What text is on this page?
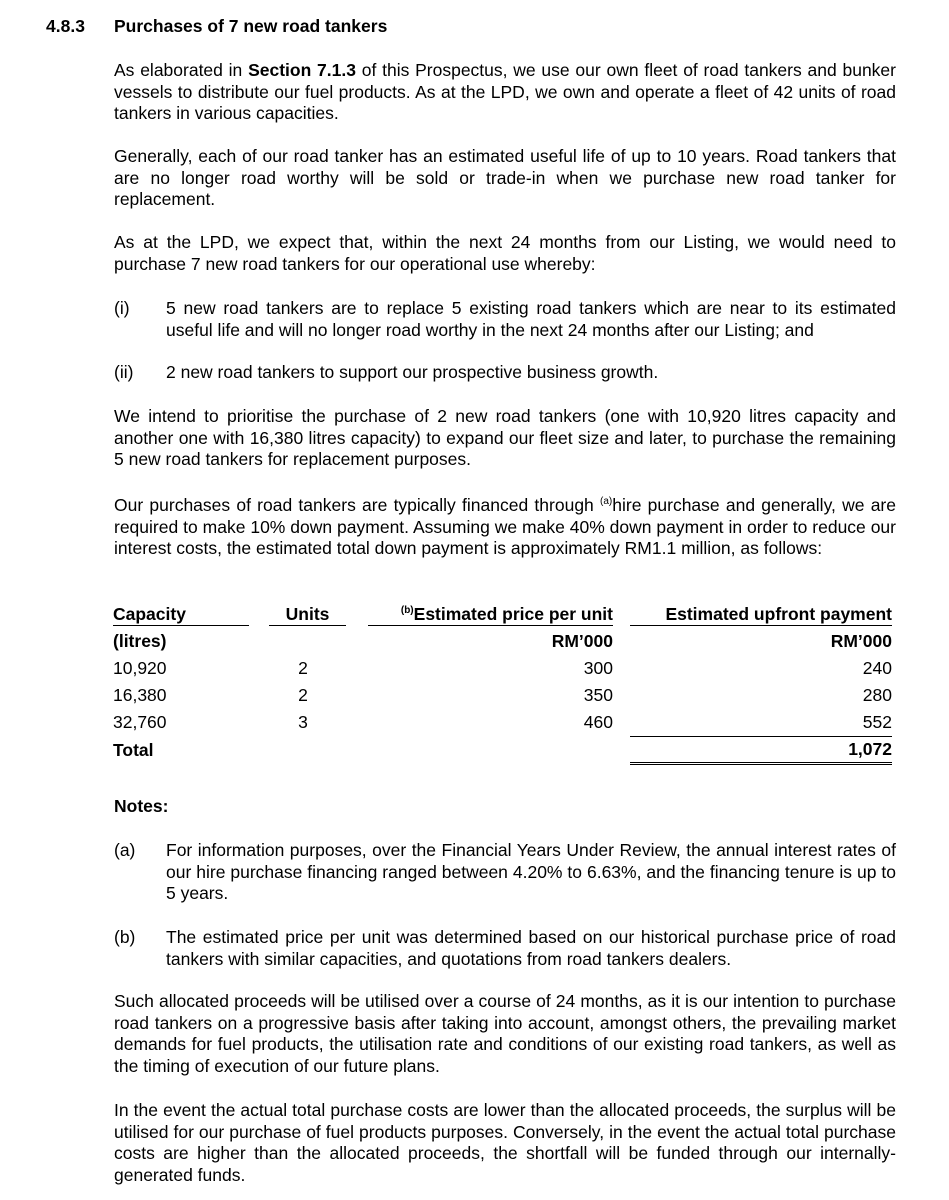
4.8.3 Purchases of 7 new road tankers

As elaborated in Section 7.1.3 of this Prospectus, we use our own fleet of road tankers and bunker vessels to distribute our fuel products. As at the LPD, we own and operate a fleet of 42 units of road tankers in various capacities.

Generally, each of our road tanker has an estimated useful life of up to 10 years. Road tankers that are no longer road worthy will be sold or trade-in when we purchase new road tanker for replacement.

As at the LPD, we expect that, within the next 24 months from our Listing, we would need to purchase 7 new road tankers for our operational use whereby:

(i) 5 new road tankers are to replace 5 existing road tankers which are near to its estimated useful life and will no longer road worthy in the next 24 months after our Listing; and
(ii) 2 new road tankers to support our prospective business growth.

We intend to prioritise the purchase of 2 new road tankers (one with 10,920 litres capacity and another one with 16,380 litres capacity) to expand our fleet size and later, to purchase the remaining 5 new road tankers for replacement purposes.

Our purchases of road tankers are typically financed through $^{(a)}$hire purchase and generally, we are required to make 10% down payment. Assuming we make 40% down payment in order to reduce our interest costs, the estimated total down payment is approximately RM1.1 million, as follows:

Capacity	Units	$^{(b)}$Estimated price per unit	Estimated upfront payment

(litres)		RM’000	RM’000
10,920	2	300	240
16,380	2	350	280
32,760	3	460	552
Total			1,072
Notes:
(a) For information purposes, over the Financial Years Under Review, the annual interest rates of our hire purchase financing ranged between 4.20% to 6.63%, and the financing tenure is up to 5 years.
(b) The estimated price per unit was determined based on our historical purchase price of road tankers with similar capacities, and quotations from road tankers dealers.

Such allocated proceeds will be utilised over a course of 24 months, as it is our intention to purchase road tankers on a progressive basis after taking into account, amongst others, the prevailing market demands for fuel products, the utilisation rate and conditions of our existing road tankers, as well as the timing of execution of our future plans.

In the event the actual total purchase costs are lower than the allocated proceeds, the surplus will be utilised for our purchase of fuel products purposes. Conversely, in the event the actual total purchase costs are higher than the allocated proceeds, the shortfall will be funded through our internally-generated funds.
